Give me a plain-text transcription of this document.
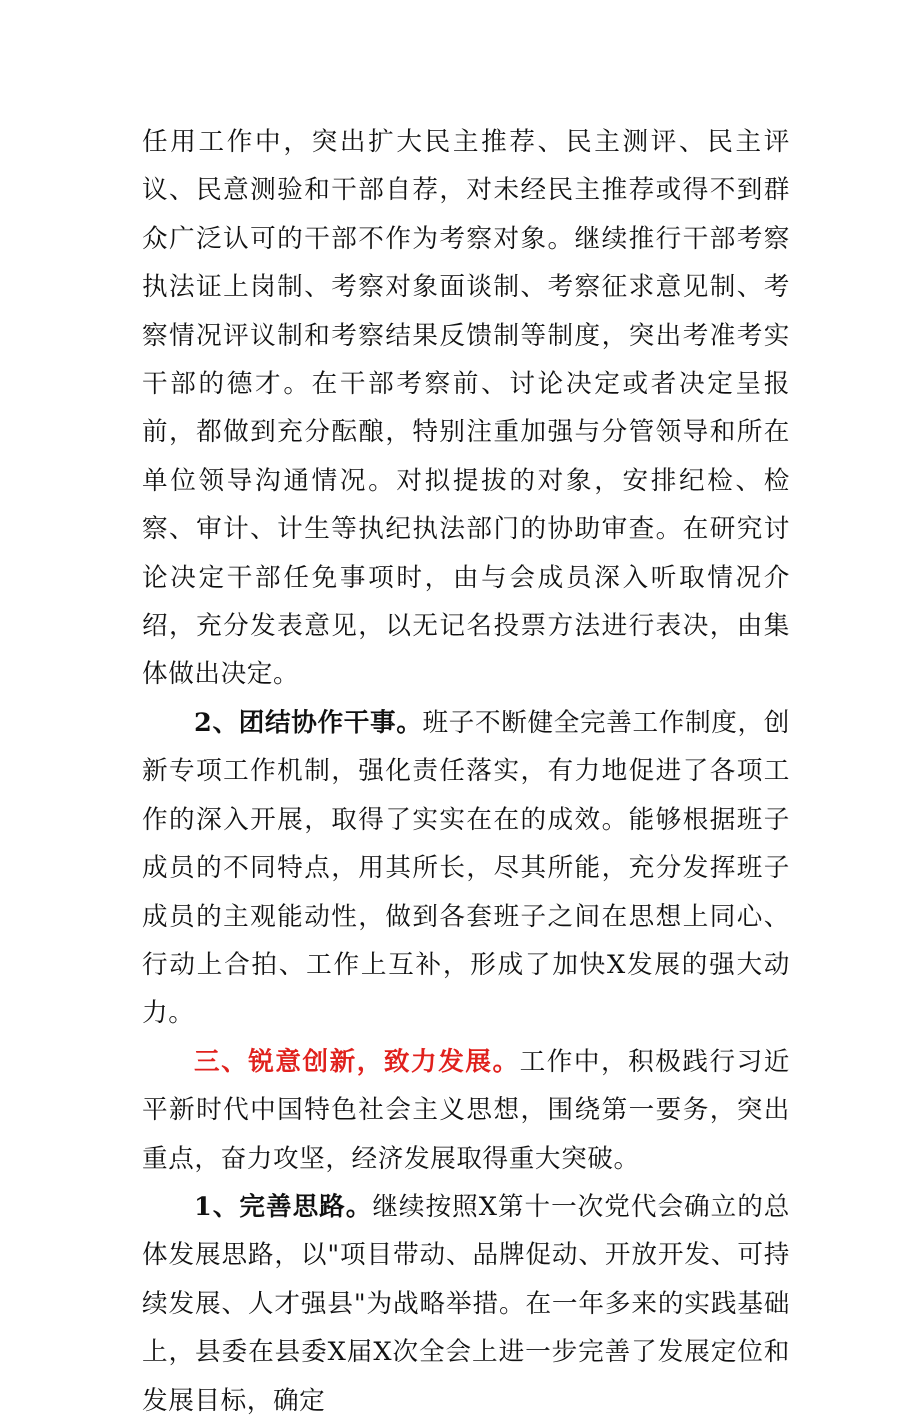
任用工作中，突出扩大民主推荐、民主测评、民主评议、民意测验和干部自荐，对未经民主推荐或得不到群众广泛认可的干部不作为考察对象。继续推行干部考察执法证上岗制、考察对象面谈制、考察征求意见制、考察情况评议制和考察结果反馈制等制度，突出考准考实干部的德才。在干部考察前、讨论决定或者决定呈报前，都做到充分酝酿，特别注重加强与分管领导和所在单位领导沟通情况。对拟提拔的对象，安排纪检、检察、审计、计生等执纪执法部门的协助审查。在研究讨论决定干部任免事项时，由与会成员深入听取情况介绍，充分发表意见，以无记名投票方法进行表决，由集体做出决定。

2、团结协作干事。班子不断健全完善工作制度，创新专项工作机制，强化责任落实，有力地促进了各项工作的深入开展，取得了实实在在的成效。能够根据班子成员的不同特点，用其所长，尽其所能，充分发挥班子成员的主观能动性，做到各套班子之间在思想上同心、行动上合拍、工作上互补，形成了加快X发展的强大动力。

三、锐意创新，致力发展。工作中，积极践行习近平新时代中国特色社会主义思想，围绕第一要务，突出重点，奋力攻坚，经济发展取得重大突破。

1、完善思路。继续按照X第十一次党代会确立的总体发展思路，以"项目带动、品牌促动、开放开发、可持续发展、人才强县"为战略举措。在一年多来的实践基础上，县委在县委X届X次全会上进一步完善了发展定位和发展目标，确定
